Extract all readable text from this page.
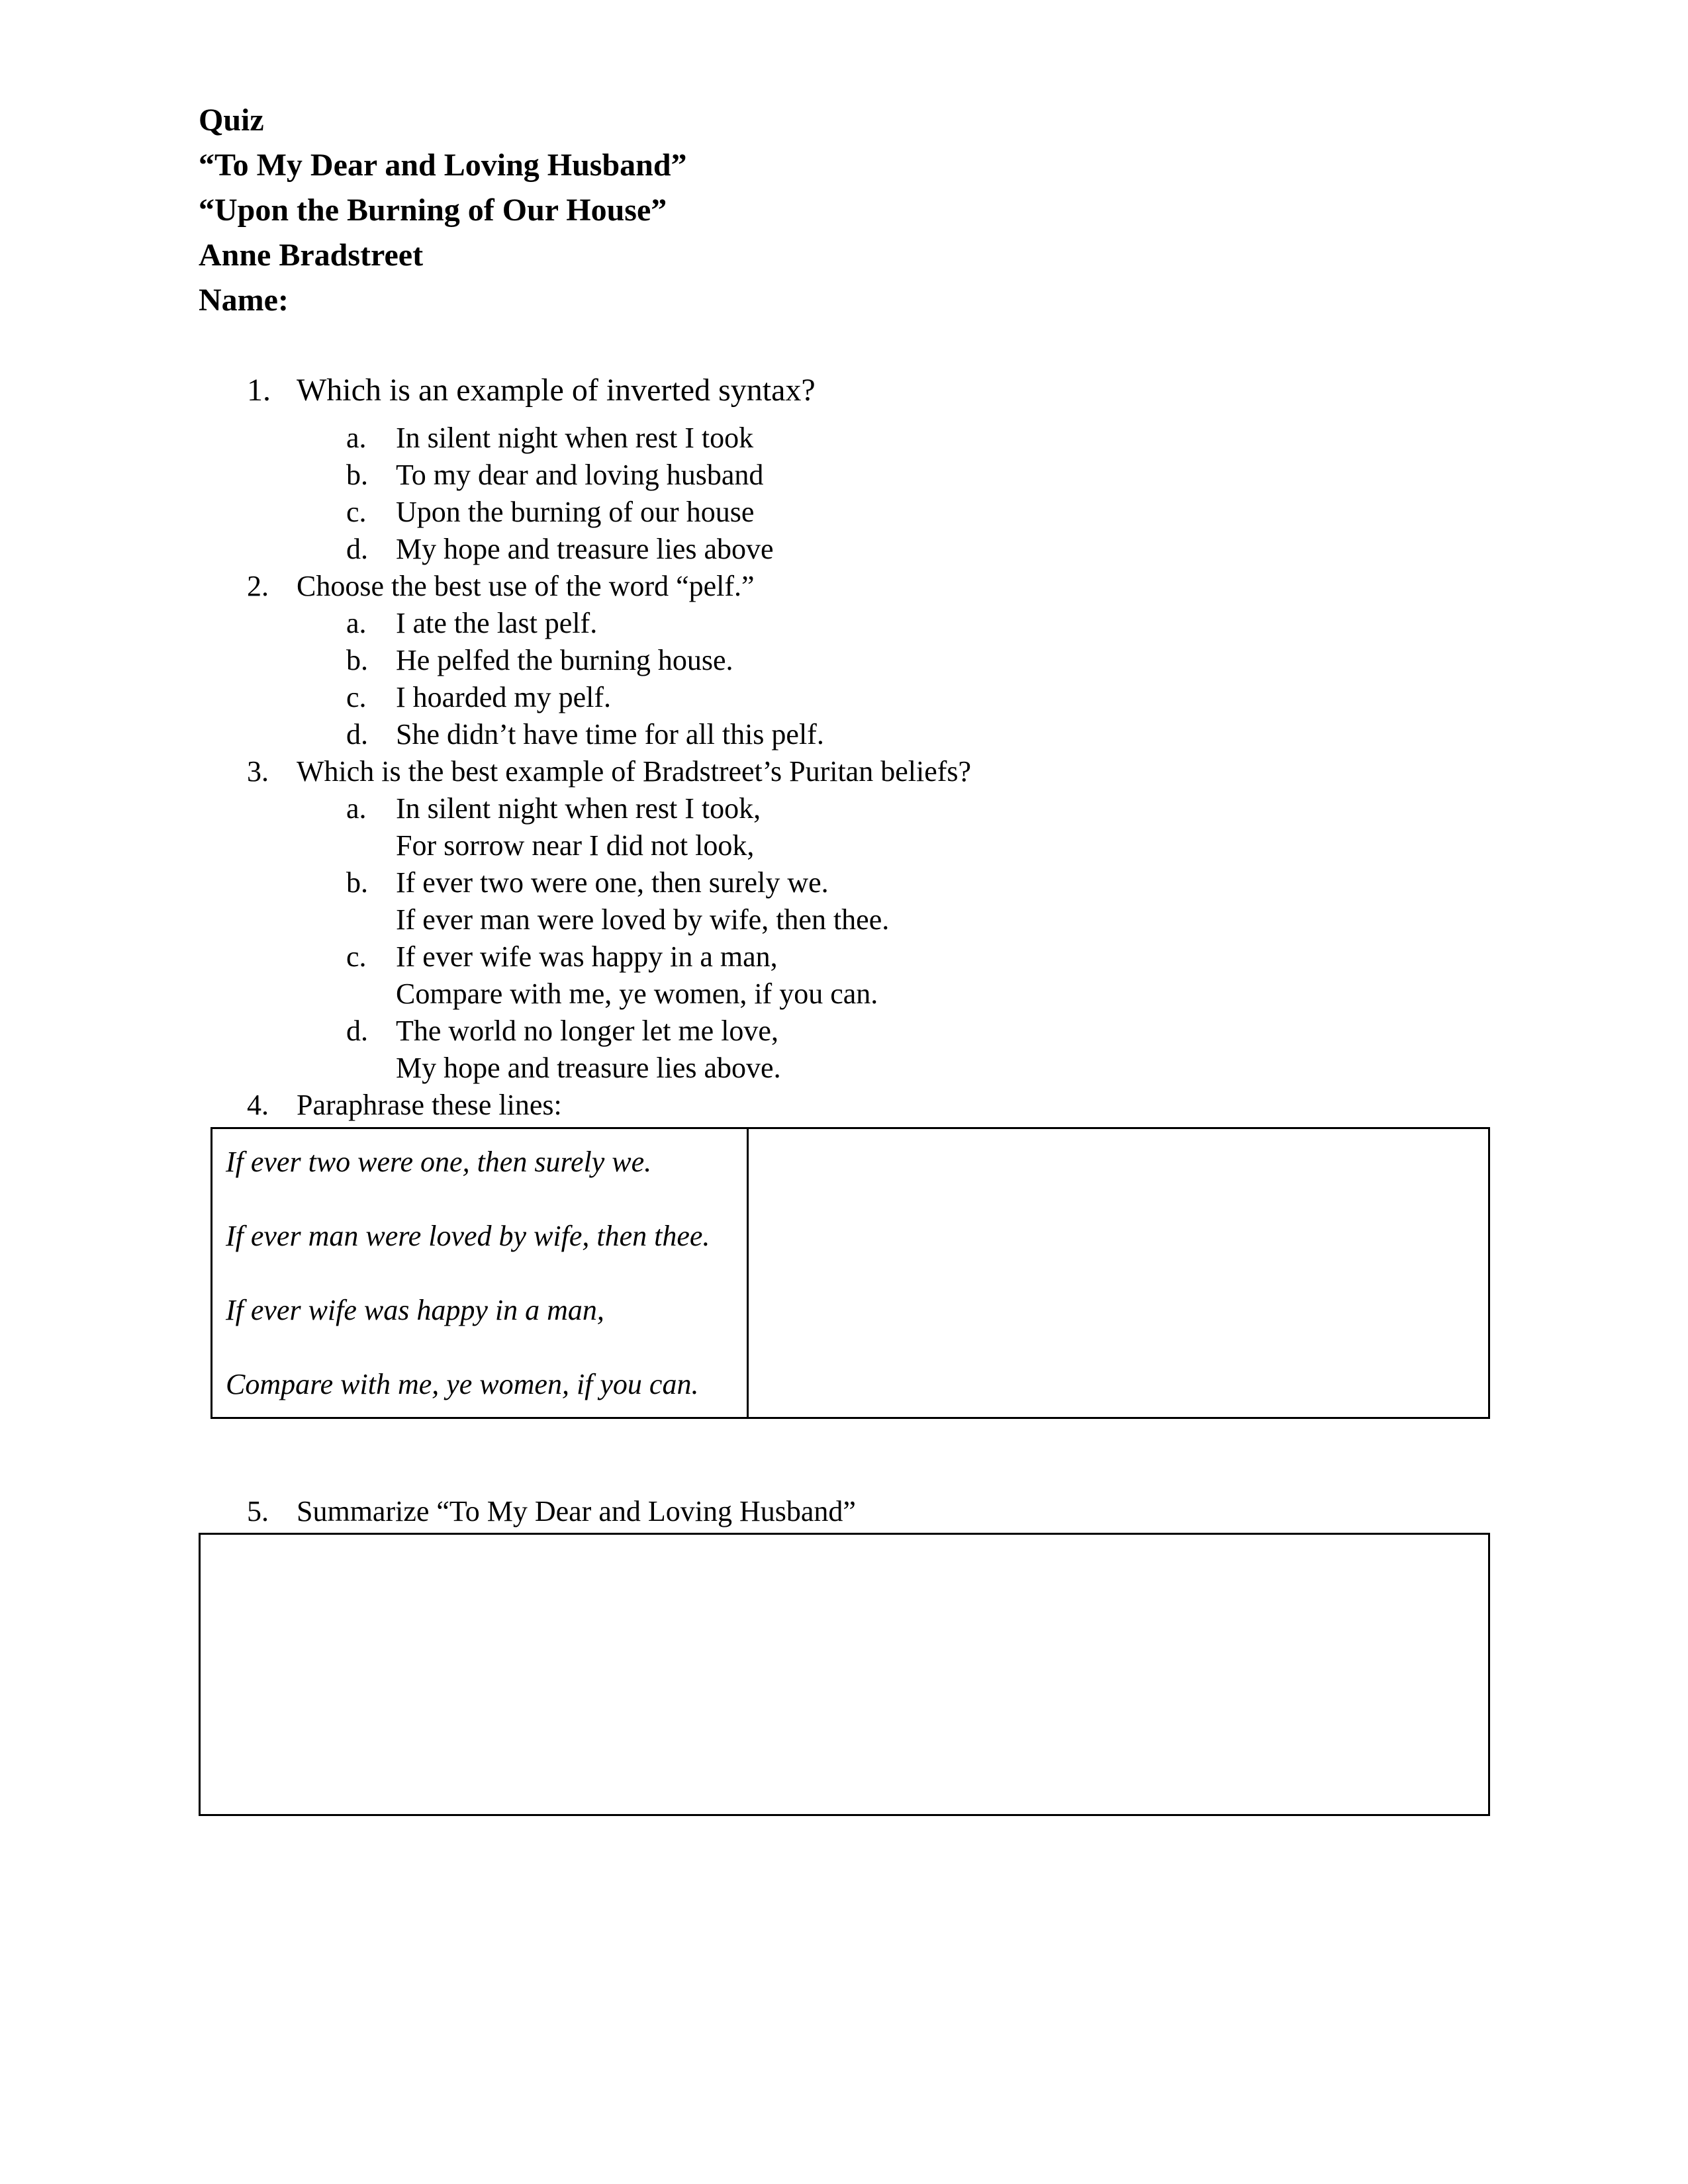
Quiz
“To My Dear and Loving Husband”
“Upon the Burning of Our House”
Anne Bradstreet
Name:
1. Which is an example of inverted syntax?
a. In silent night when rest I took
b. To my dear and loving husband
c. Upon the burning of our house
d. My hope and treasure lies above
2. Choose the best use of the word “pelf.”
a. I ate the last pelf.
b. He pelfed the burning house.
c. I hoarded my pelf.
d. She didn’t have time for all this pelf.
3. Which is the best example of Bradstreet’s Puritan beliefs?
a. In silent night when rest I took,
For sorrow near I did not look,
b. If ever two were one, then surely we.
If ever man were loved by wife, then thee.
c. If ever wife was happy in a man,
Compare with me, ye women, if you can.
d. The world no longer let me love,
My hope and treasure lies above.
4. Paraphrase these lines:
If ever two were one, then surely we.
If ever man were loved by wife, then thee.
If ever wife was happy in a man,
Compare with me, ye women, if you can.
5. Summarize “To My Dear and Loving Husband”
